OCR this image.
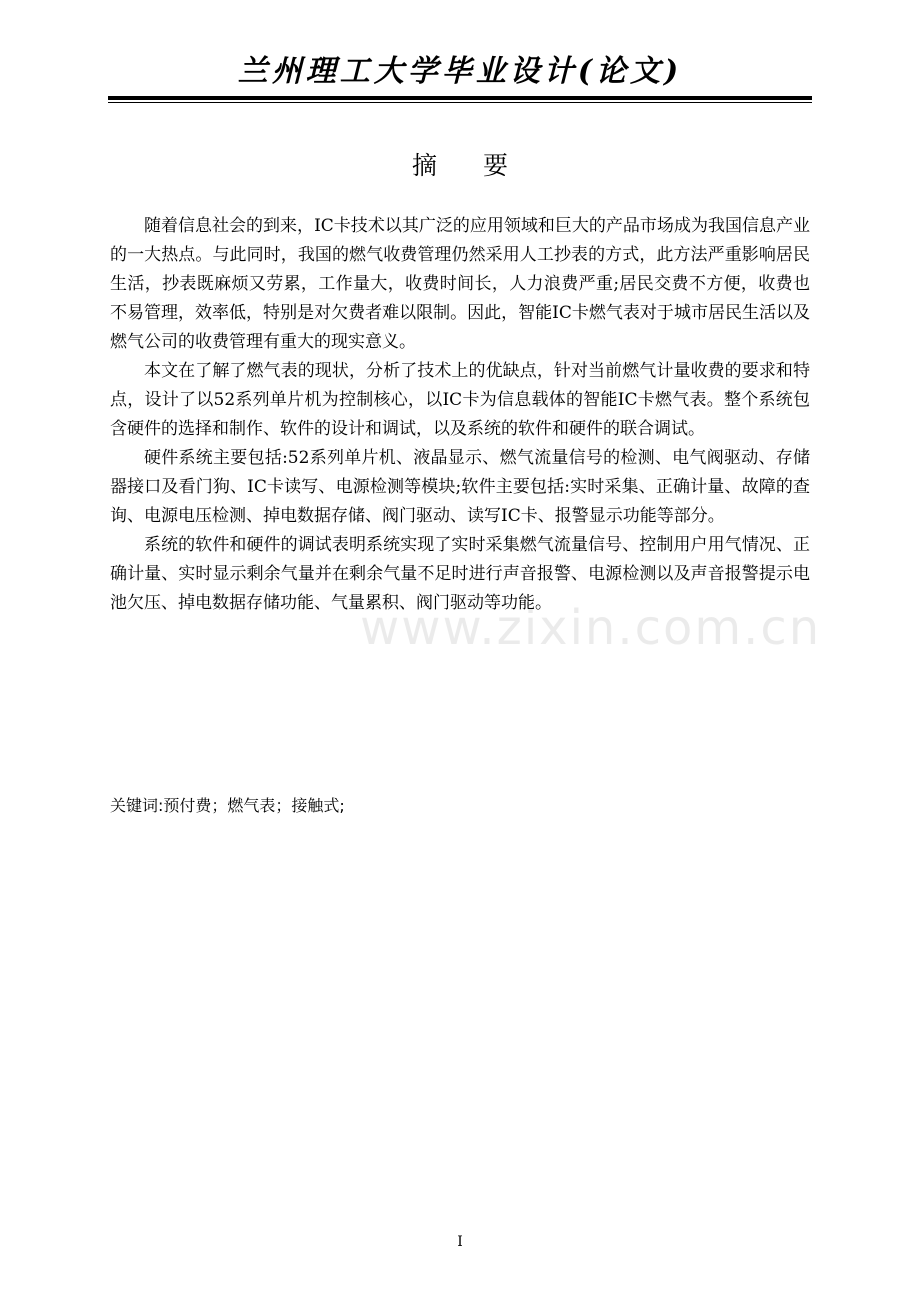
兰州理工大学毕业设计(论文)
摘要

随着信息社会的到来，IC卡技术以其广泛的应用领域和巨大的产品市场成为我国信息产业的一大热点。与此同时，我国的燃气收费管理仍然采用人工抄表的方式，此方法严重影响居民生活，抄表既麻烦又劳累，工作量大，收费时间长，人力浪费严重;居民交费不方便，收费也不易管理，效率低，特别是对欠费者难以限制。因此，智能IC卡燃气表对于城市居民生活以及燃气公司的收费管理有重大的现实意义。

本文在了解了燃气表的现状，分析了技术上的优缺点，针对当前燃气计量收费的要求和特点，设计了以52系列单片机为控制核心，以IC卡为信息载体的智能IC卡燃气表。整个系统包含硬件的选择和制作、软件的设计和调试，以及系统的软件和硬件的联合调试。

硬件系统主要包括:52系列单片机、液晶显示、燃气流量信号的检测、电气阀驱动、存储器接口及看门狗、IC卡读写、电源检测等模块;软件主要包括:实时采集、正确计量、故障的查询、电源电压检测、掉电数据存储、阀门驱动、读写IC卡、报警显示功能等部分。

系统的软件和硬件的调试表明系统实现了实时采集燃气流量信号、控制用户用气情况、正确计量、实时显示剩余气量并在剩余气量不足时进行声音报警、电源检测以及声音报警提示电池欠压、掉电数据存储功能、气量累积、阀门驱动等功能。

www.zixin.com.cn
关键词:预付费；燃气表；接触式;
I
